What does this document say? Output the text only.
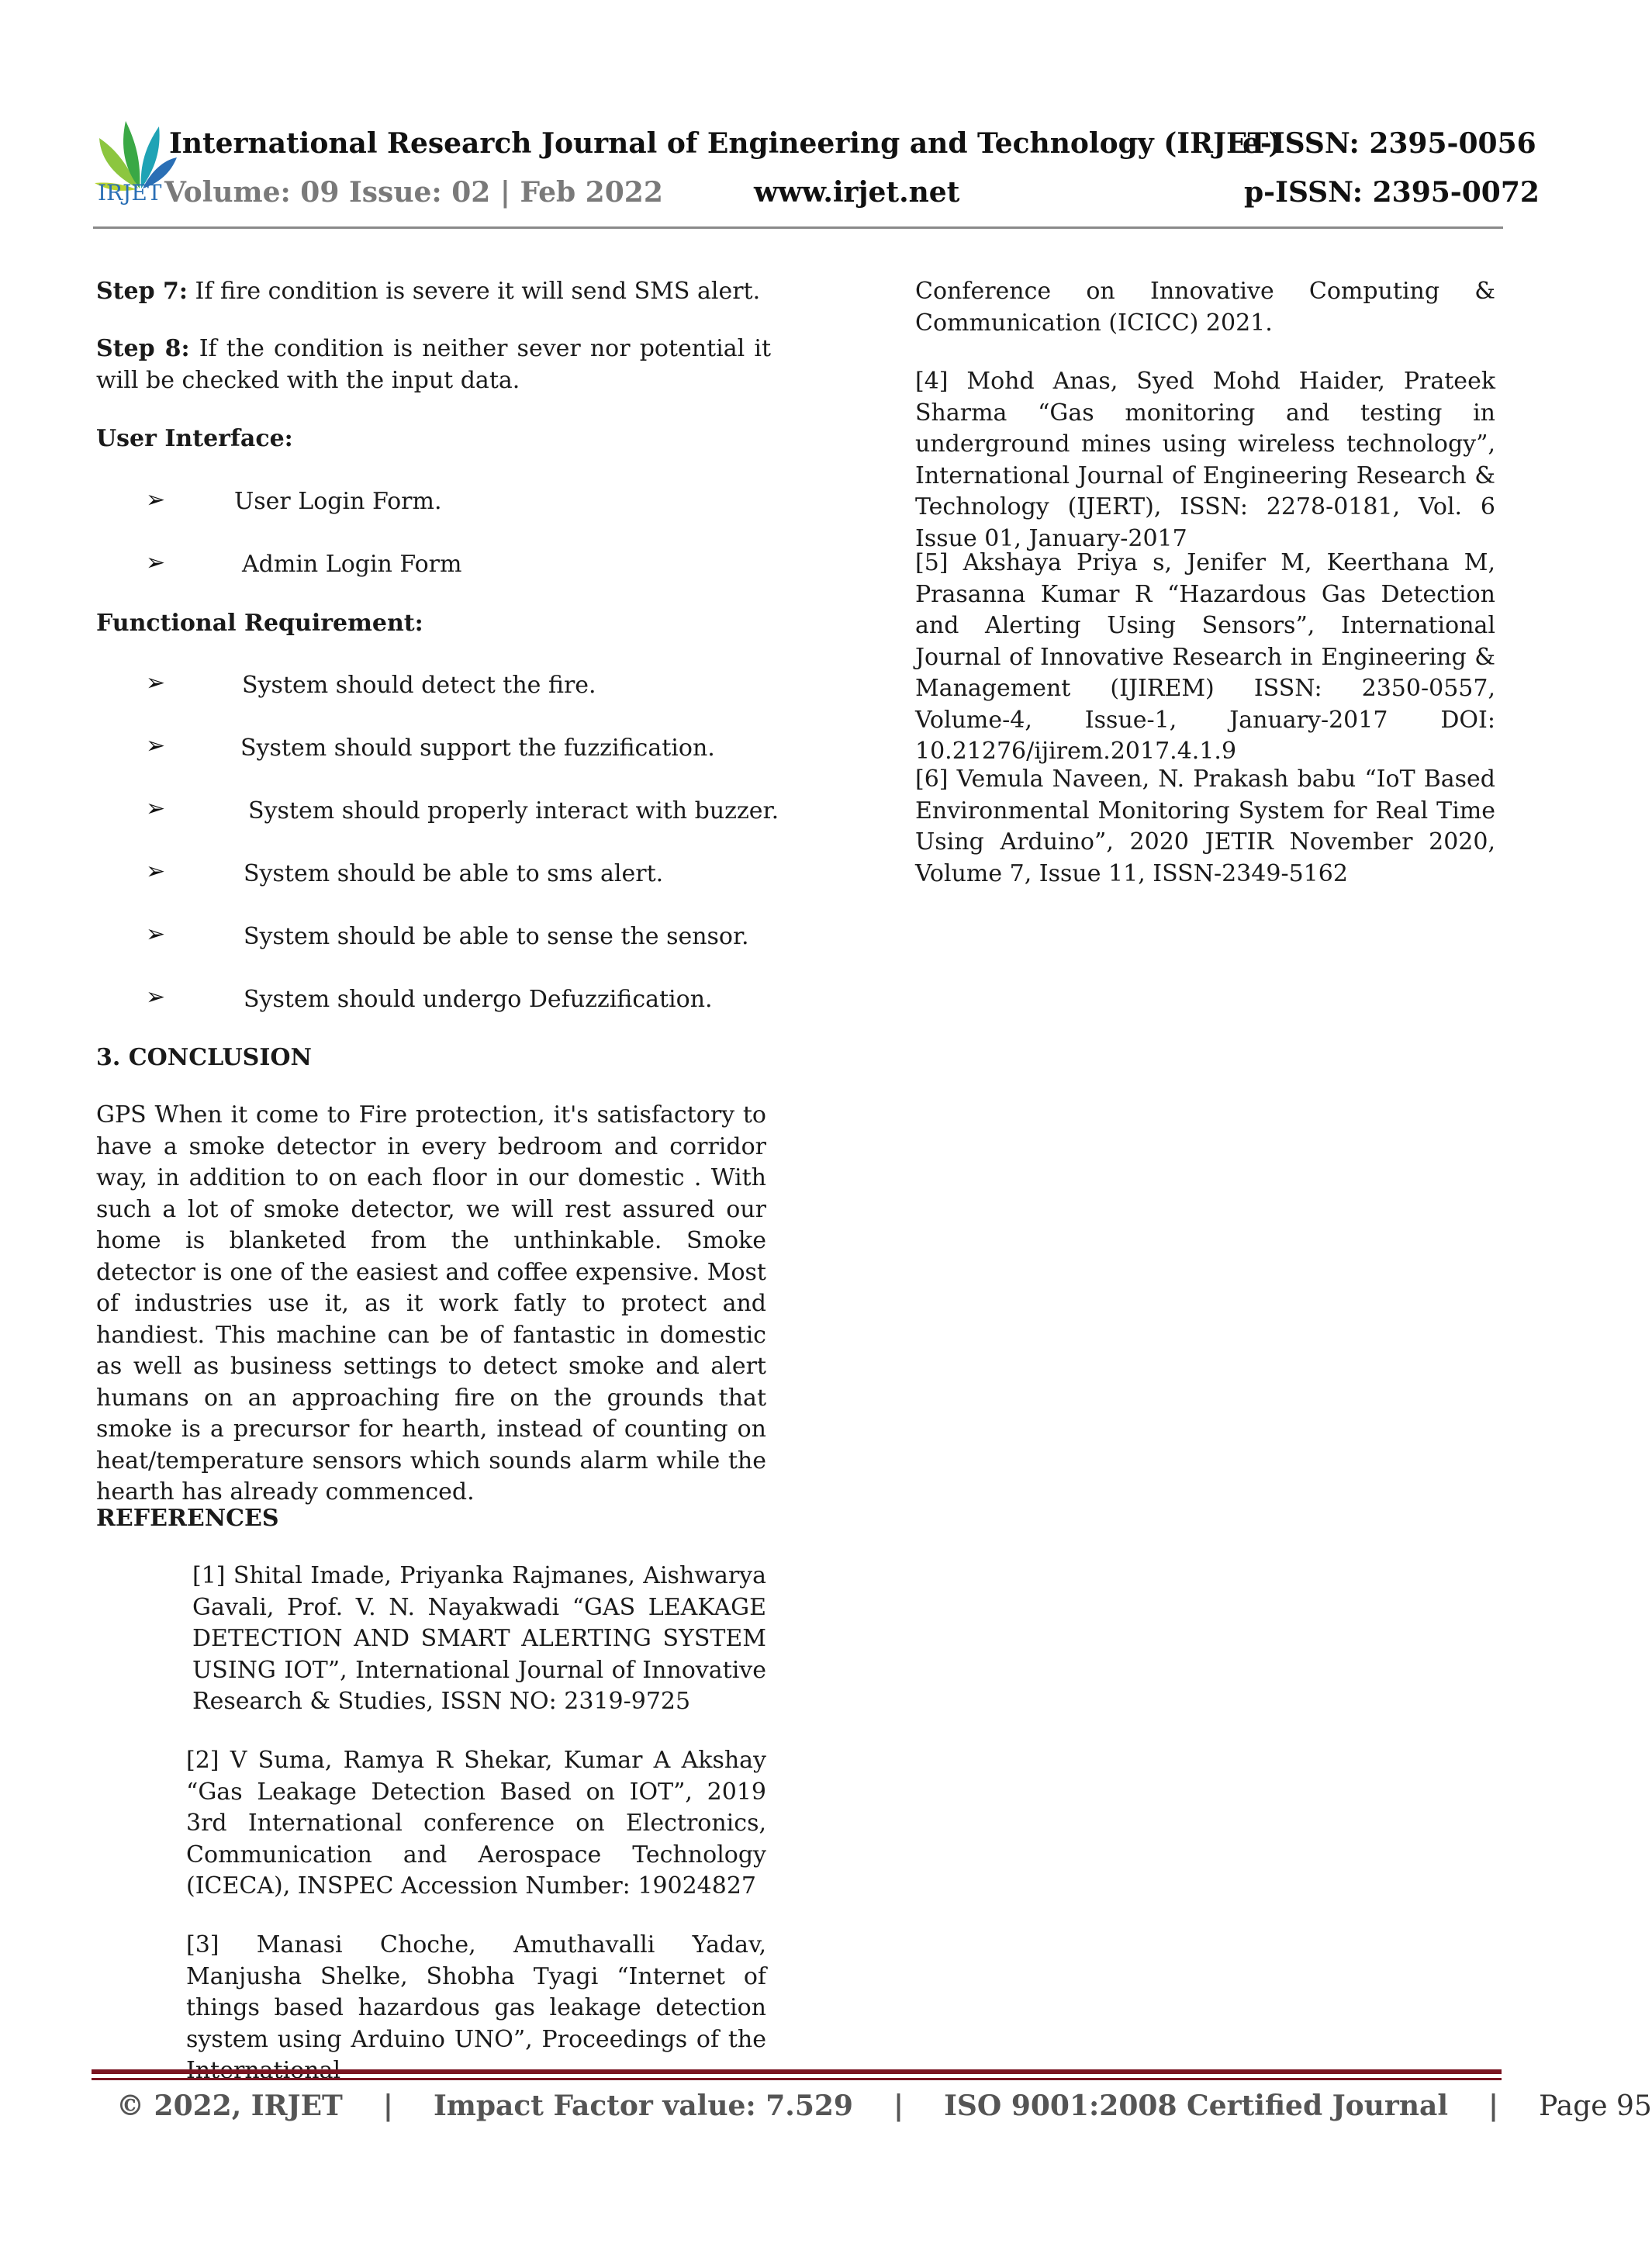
IRJET
International Research Journal of Engineering and Technology (IRJET)
e-ISSN: 2395-0056
Volume: 09 Issue: 02 | Feb 2022	www.irjet.net	p-ISSN: 2395-0072
Step 7: If fire condition is severe it will send SMS alert.
Step 8: If the condition is neither sever nor potential it will be checked with the input data.
User Interface:
➢	User Login Form.
➢	Admin Login Form
Functional Requirement:
➢	System should detect the fire.
➢	System should support the fuzzification.
➢	System should properly interact with buzzer.
➢	System should be able to sms alert.
➢	System should be able to sense the sensor.
➢	System should undergo Defuzzification.
3. CONCLUSION
GPS When it come to Fire protection, it's satisfactory to have a smoke detector in every bedroom and corridor way, in addition to on each floor in our domestic . With such a lot of smoke detector, we will rest assured our home is blanketed from the unthinkable. Smoke detector is one of the easiest and coffee expensive. Most of industries use it, as it work fatly to protect and handiest. This machine can be of fantastic in domestic as well as business settings to detect smoke and alert humans on an approaching fire on the grounds that smoke is a precursor for hearth, instead of counting on heat/temperature sensors which sounds alarm while the hearth has already commenced.
REFERENCES
[1] Shital Imade, Priyanka Rajmanes, Aishwarya Gavali, Prof. V. N. Nayakwadi “GAS LEAKAGE DETECTION AND SMART ALERTING SYSTEM USING IOT”, International Journal of Innovative Research & Studies, ISSN NO: 2319-9725
[2] V Suma, Ramya R Shekar, Kumar A Akshay “Gas Leakage Detection Based on IOT”, 2019 3rd International conference on Electronics, Communication and Aerospace Technology (ICECA), INSPEC Accession Number: 19024827
[3] Manasi Choche, Amuthavalli Yadav, Manjusha Shelke, Shobha Tyagi “Internet of things based hazardous gas leakage detection system using Arduino UNO”, Proceedings of the International
Conference on Innovative Computing & Communication (ICICC) 2021.
[4] Mohd Anas, Syed Mohd Haider, Prateek Sharma “Gas monitoring and testing in underground mines using wireless technology”, International Journal of Engineering Research & Technology (IJERT), ISSN: 2278-0181, Vol. 6 Issue 01, January-2017
[5] Akshaya Priya s, Jenifer M, Keerthana M, Prasanna Kumar R “Hazardous Gas Detection and Alerting Using Sensors”, International Journal of Innovative Research in Engineering & Management (IJIREM) ISSN: 2350-0557, Volume-4, Issue-1, January-2017 DOI: 10.21276/ijirem.2017.4.1.9
[6] Vemula Naveen, N. Prakash babu “IoT Based Environmental Monitoring System for Real Time Using Arduino”, 2020 JETIR November 2020, Volume 7, Issue 11, ISSN-2349-5162
© 2022, IRJET | Impact Factor value: 7.529 | ISO 9001:2008 Certified Journal | Page 95
